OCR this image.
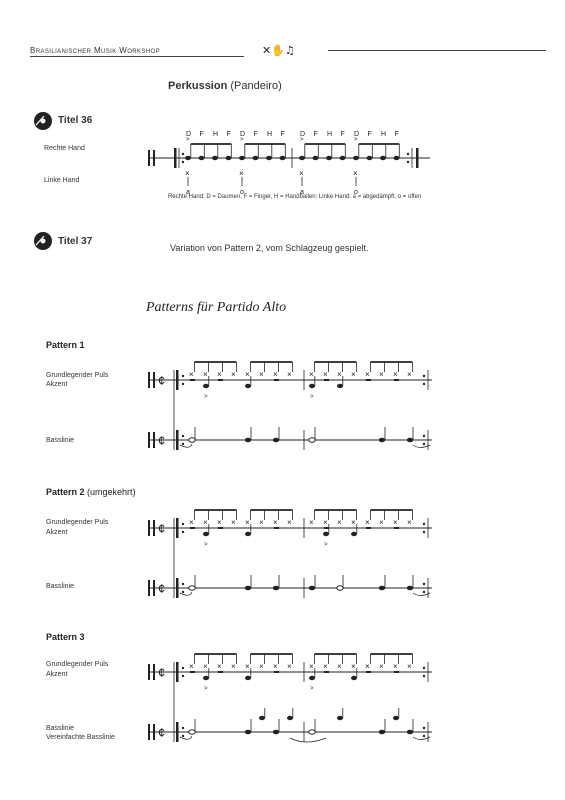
Brasilianischer Musik Workshop	✕✋♫
Perkussion (Pandeiro)
Titel 36
Rechte Hand
Linke Hand
D
>
F H F D
>
F H F D
>
F H F D
>
F H F
×
a
×
o
×
a
×
o
Rechte Hand: D = Daumen, F = Finger, H = Handballen; Linke Hand: a = abgedämpft, o = offen
Titel 37
Variation von Pattern 2, vom Schlagzeug gespielt.
Patterns für Partido Alto
Pattern 1
Grundlegender Puls
Akzent
Basslinie
¢
¢
× × × × × × × × × × × × × × × ×
>	>
Pattern 2 (umgekehrt)
Grundlegender Puls
Akzent
Basslinie
¢
¢
× × × × × × × × × × × × × × × ×
>	>
Pattern 3
Grundlegender Puls
Akzent
Basslinie
Vereinfachte Basslinie
¢
¢
× × × × × × × × × × × × × × × ×
>	>
